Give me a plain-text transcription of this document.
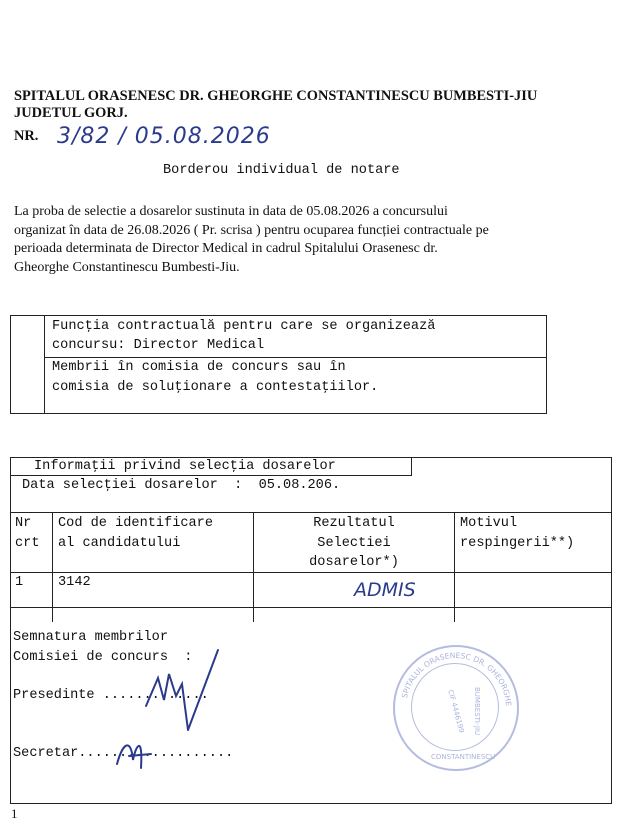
SPITALUL ORASENESC DR. GHEORGHE CONSTANTINESCU BUMBESTI-JIU
JUDETUL GORJ.
NR. 3/82 / 05.08.2026
Borderou individual de notare
La proba de selectie a dosarelor sustinuta in data de 05.08.2026 a concursului
organizat în data de 26.08.2026 ( Pr. scrisa ) pentru ocuparea funcției contractuale pe
perioada determinata de Director Medical in cadrul Spitalului Orasenesc dr.
Gheorghe Constantinescu Bumbesti-Jiu.
Funcţia contractuală pentru care se organizează
concursu: Director Medical
Membrii în comisia de concurs sau în
comisia de soluţionare a contestaţiilor.
Informaţii privind selecţia dosarelor
Data selecţiei dosarelor  :  05.08.206.
Nr
crt
Cod de identificare
al candidatului
Rezultatul
Selectiei
dosarelor*)
Motivul
respingerii**)
1	3142	ADMIS
Semnatura membrilor
Comisiei de concurs  :
Presedinte .............
Secretar...................
SPITALUL ORASENESC DR. GHEORGHE
BUMBESTI-JIU
CIF 4446199
CONSTANTINESCU
1
